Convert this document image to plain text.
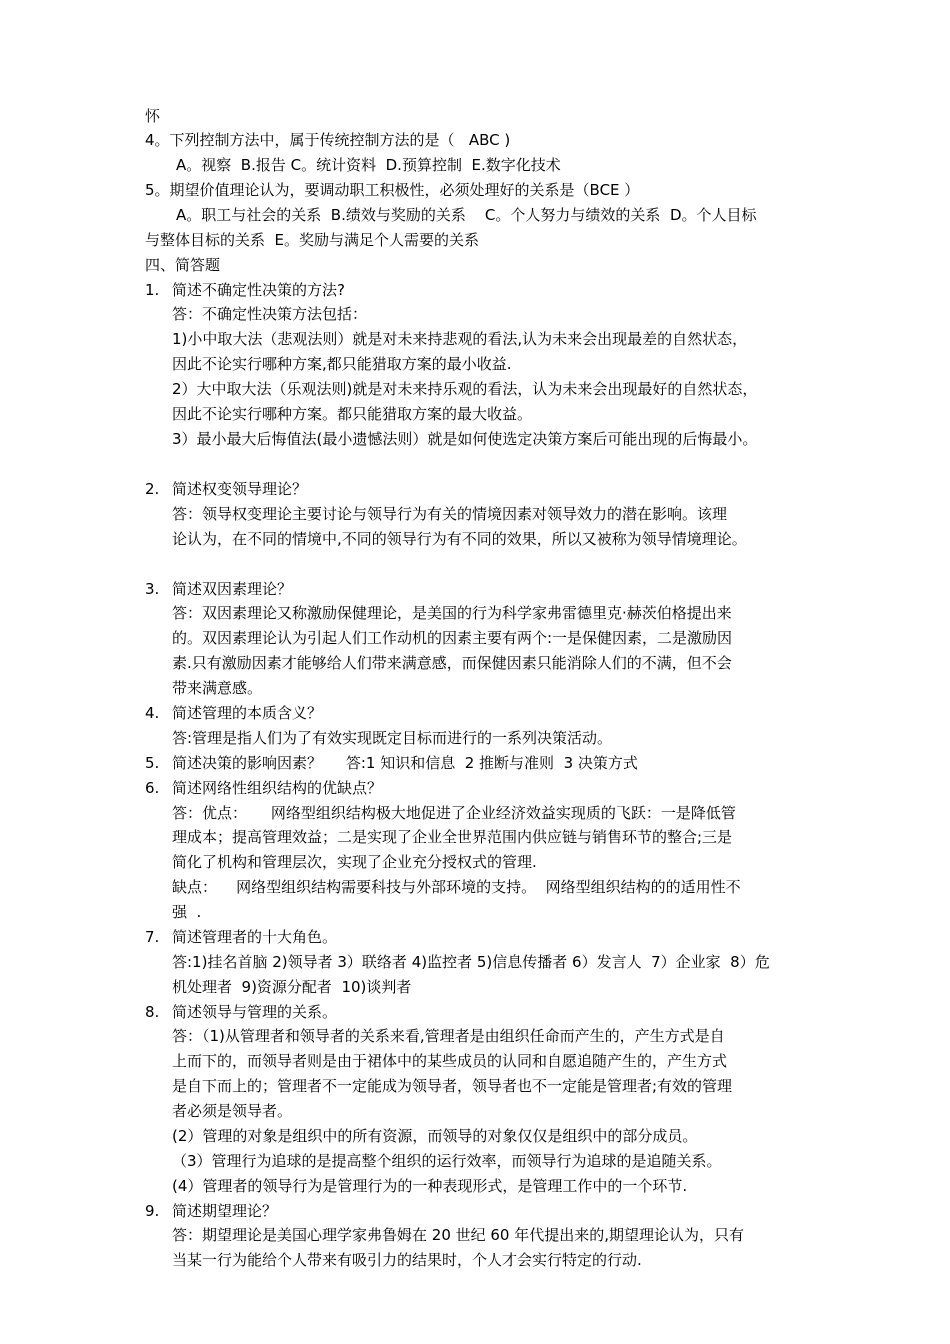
怀

4。下列控制方法中，属于传统控制方法的是（   ABC )

A。视察  B.报告 C。统计资料  D.预算控制  E.数字化技术

5。期望价值理论认为，要调动职工积极性，必须处理好的关系是（BCE ）

A。职工与社会的关系  B.绩效与奖励的关系    C。个人努力与绩效的关系  D。个人目标

与整体目标的关系  E。奖励与满足个人需要的关系

四、简答题

1. 简述不确定性决策的方法?

答：不确定性决策方法包括：

1)小中取大法（悲观法则）就是对未来持悲观的看法,认为未来会出现最差的自然状态，

因此不论实行哪种方案,都只能猎取方案的最小收益.

2）大中取大法（乐观法则)就是对未来持乐观的看法，认为未来会出现最好的自然状态，

因此不论实行哪种方案。都只能猎取方案的最大收益。

3）最小最大后悔值法(最小遗憾法则）就是如何使选定决策方案后可能出现的后悔最小。

2. 简述权变领导理论？

答：领导权变理论主要讨论与领导行为有关的情境因素对领导效力的潜在影响。该理

论认为，在不同的情境中,不同的领导行为有不同的效果，所以又被称为领导情境理论。

3. 简述双因素理论？

答：双因素理论又称激励保健理论，是美国的行为科学家弗雷德里克·赫茨伯格提出来

的。双因素理论认为引起人们工作动机的因素主要有两个:一是保健因素，二是激励因

素.只有激励因素才能够给人们带来满意感，而保健因素只能消除人们的不满，但不会

带来满意感。

4. 简述管理的本质含义？

答:管理是指人们为了有效实现既定目标而进行的一系列决策活动。

5. 简述决策的影响因素？     答:1 知识和信息  2 推断与准则  3 决策方式
6. 简述网络性组织结构的优缺点？

答：优点：     网络型组织结构极大地促进了企业经济效益实现质的飞跃：一是降低管

理成本；提高管理效益；二是实现了企业全世界范围内供应链与销售环节的整合;三是

简化了机构和管理层次，实现了企业充分授权式的管理.

缺点：    网络型组织结构需要科技与外部环境的支持。  网络型组织结构的的适用性不

强  .

7. 简述管理者的十大角色。

答:1)挂名首脑 2)领导者 3）联络者 4)监控者 5)信息传播者 6）发言人  7）企业家  8）危

机处理者  9)资源分配者  10)谈判者

8. 简述领导与管理的关系。

答：（1)从管理者和领导者的关系来看,管理者是由组织任命而产生的，产生方式是自

上而下的，而领导者则是由于裙体中的某些成员的认同和自愿追随产生的，产生方式

是自下而上的；管理者不一定能成为领导者，领导者也不一定能是管理者;有效的管理

者必须是领导者。

(2）管理的对象是组织中的所有资源，而领导的对象仅仅是组织中的部分成员。

（3）管理行为追球的是提高整个组织的运行效率，而领导行为追球的是追随关系。

(4）管理者的领导行为是管理行为的一种表现形式，是管理工作中的一个环节.

9. 简述期望理论？

答：期望理论是美国心理学家弗鲁姆在 20 世纪 60 年代提出来的,期望理论认为，只有

当某一行为能给个人带来有吸引力的结果时，个人才会实行特定的行动.
